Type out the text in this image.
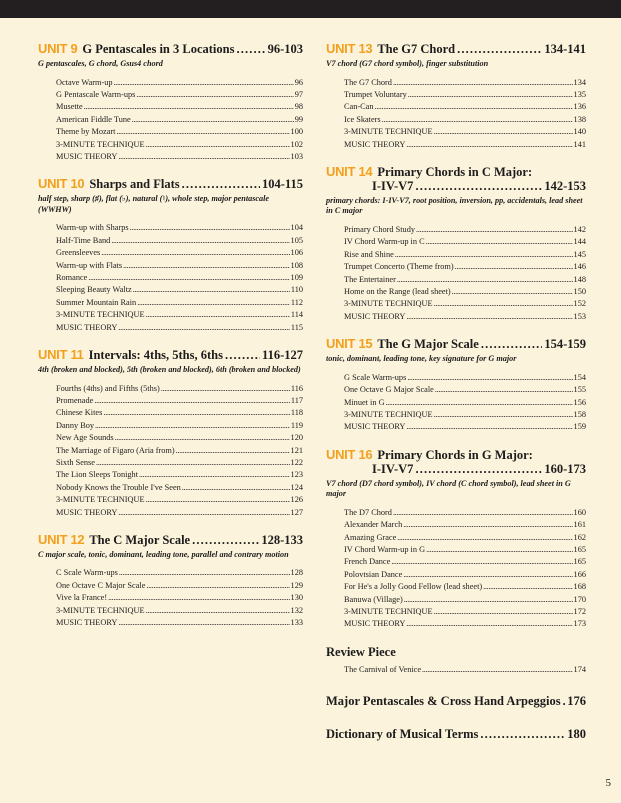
UNIT 9 G Pentascales in 3 Locations . . .	96-103
G pentascales, G chord, Gsus4 chord
Octave Warm-up . . .	96
G Pentascale Warm-ups . . .	97
Musette . . .	98
American Fiddle Tune . . .	99
Theme by Mozart . . .	100
3-MINUTE TECHNIQUE . . .	102
MUSIC THEORY . . .	103
UNIT 10 Sharps and Flats . . .	104-115
half step, sharp (♯), flat (♭), natural (♮), whole step, major pentascale (WWHW)
Warm-up with Sharps . . .	104
Half-Time Band . . .	105
Greensleeves . . .	106
Warm-up with Flats . . .	108
Romance . . .	109
Sleeping Beauty Waltz . . .	110
Summer Mountain Rain . . .	112
3-MINUTE TECHNIQUE . . .	114
MUSIC THEORY . . .	115
UNIT 11 Intervals: 4ths, 5ths, 6ths . . .	116-127
4th (broken and blocked), 5th (broken and blocked), 6th (broken and blocked)
Fourths (4ths) and Fifths (5ths) . . .	116
Promenade . . .	117
Chinese Kites . . .	118
Danny Boy . . .	119
New Age Sounds . . .	120
The Marriage of Figaro (Aria from) . . .	121
Sixth Sense . . .	122
The Lion Sleeps Tonight . . .	123
Nobody Knows the Trouble I've Seen . . .	124
3-MINUTE TECHNIQUE . . .	126
MUSIC THEORY . . .	127
UNIT 12 The C Major Scale . . .	128-133
C major scale, tonic, dominant, leading tone, parallel and contrary motion
C Scale Warm-ups . . .	128
One Octave C Major Scale . . .	129
Vive la France! . . .	130
3-MINUTE TECHNIQUE . . .	132
MUSIC THEORY . . .	133
UNIT 13 The G7 Chord . . .	134-141
V7 chord (G7 chord symbol), finger substitution
The G7 Chord . . .	134
Trumpet Voluntary . . .	135
Can-Can . . .	136
Ice Skaters . . .	138
3-MINUTE TECHNIQUE . . .	140
MUSIC THEORY . . .	141
UNIT 14 Primary Chords in C Major:
I-IV-V7 . . .	142-153
primary chords: I-IV-V7, root position, inversion, pp, accidentals, lead sheet in C major
Primary Chord Study . . .	142
IV Chord Warm-up in C . . .	144
Rise and Shine . . .	145
Trumpet Concerto (Theme from) . . .	146
The Entertainer . . .	148
Home on the Range (lead sheet) . . .	150
3-MINUTE TECHNIQUE . . .	152
MUSIC THEORY . . .	153
UNIT 15 The G Major Scale . . .	154-159
tonic, dominant, leading tone, key signature for G major
G Scale Warm-ups . . .	154
One Octave G Major Scale . . .	155
Minuet in G . . .	156
3-MINUTE TECHNIQUE . . .	158
MUSIC THEORY . . .	159
UNIT 16 Primary Chords in G Major:
I-IV-V7 . . .	160-173
V7 chord (D7 chord symbol), IV chord (C chord symbol), lead sheet in G major
The D7 Chord . . .	160
Alexander March . . .	161
Amazing Grace . . .	162
IV Chord Warm-up in G . . .	165
French Dance . . .	165
Polovtsian Dance . . .	166
For He's a Jolly Good Fellow (lead sheet) . . .	168
Banuwa (Village) . . .	170
3-MINUTE TECHNIQUE . . .	172
MUSIC THEORY . . .	173
Review Piece
The Carnival of Venice . . .	174
Major Pentascales & Cross Hand Arpeggios . . . 176
Dictionary of Musical Terms . . .	180
5
